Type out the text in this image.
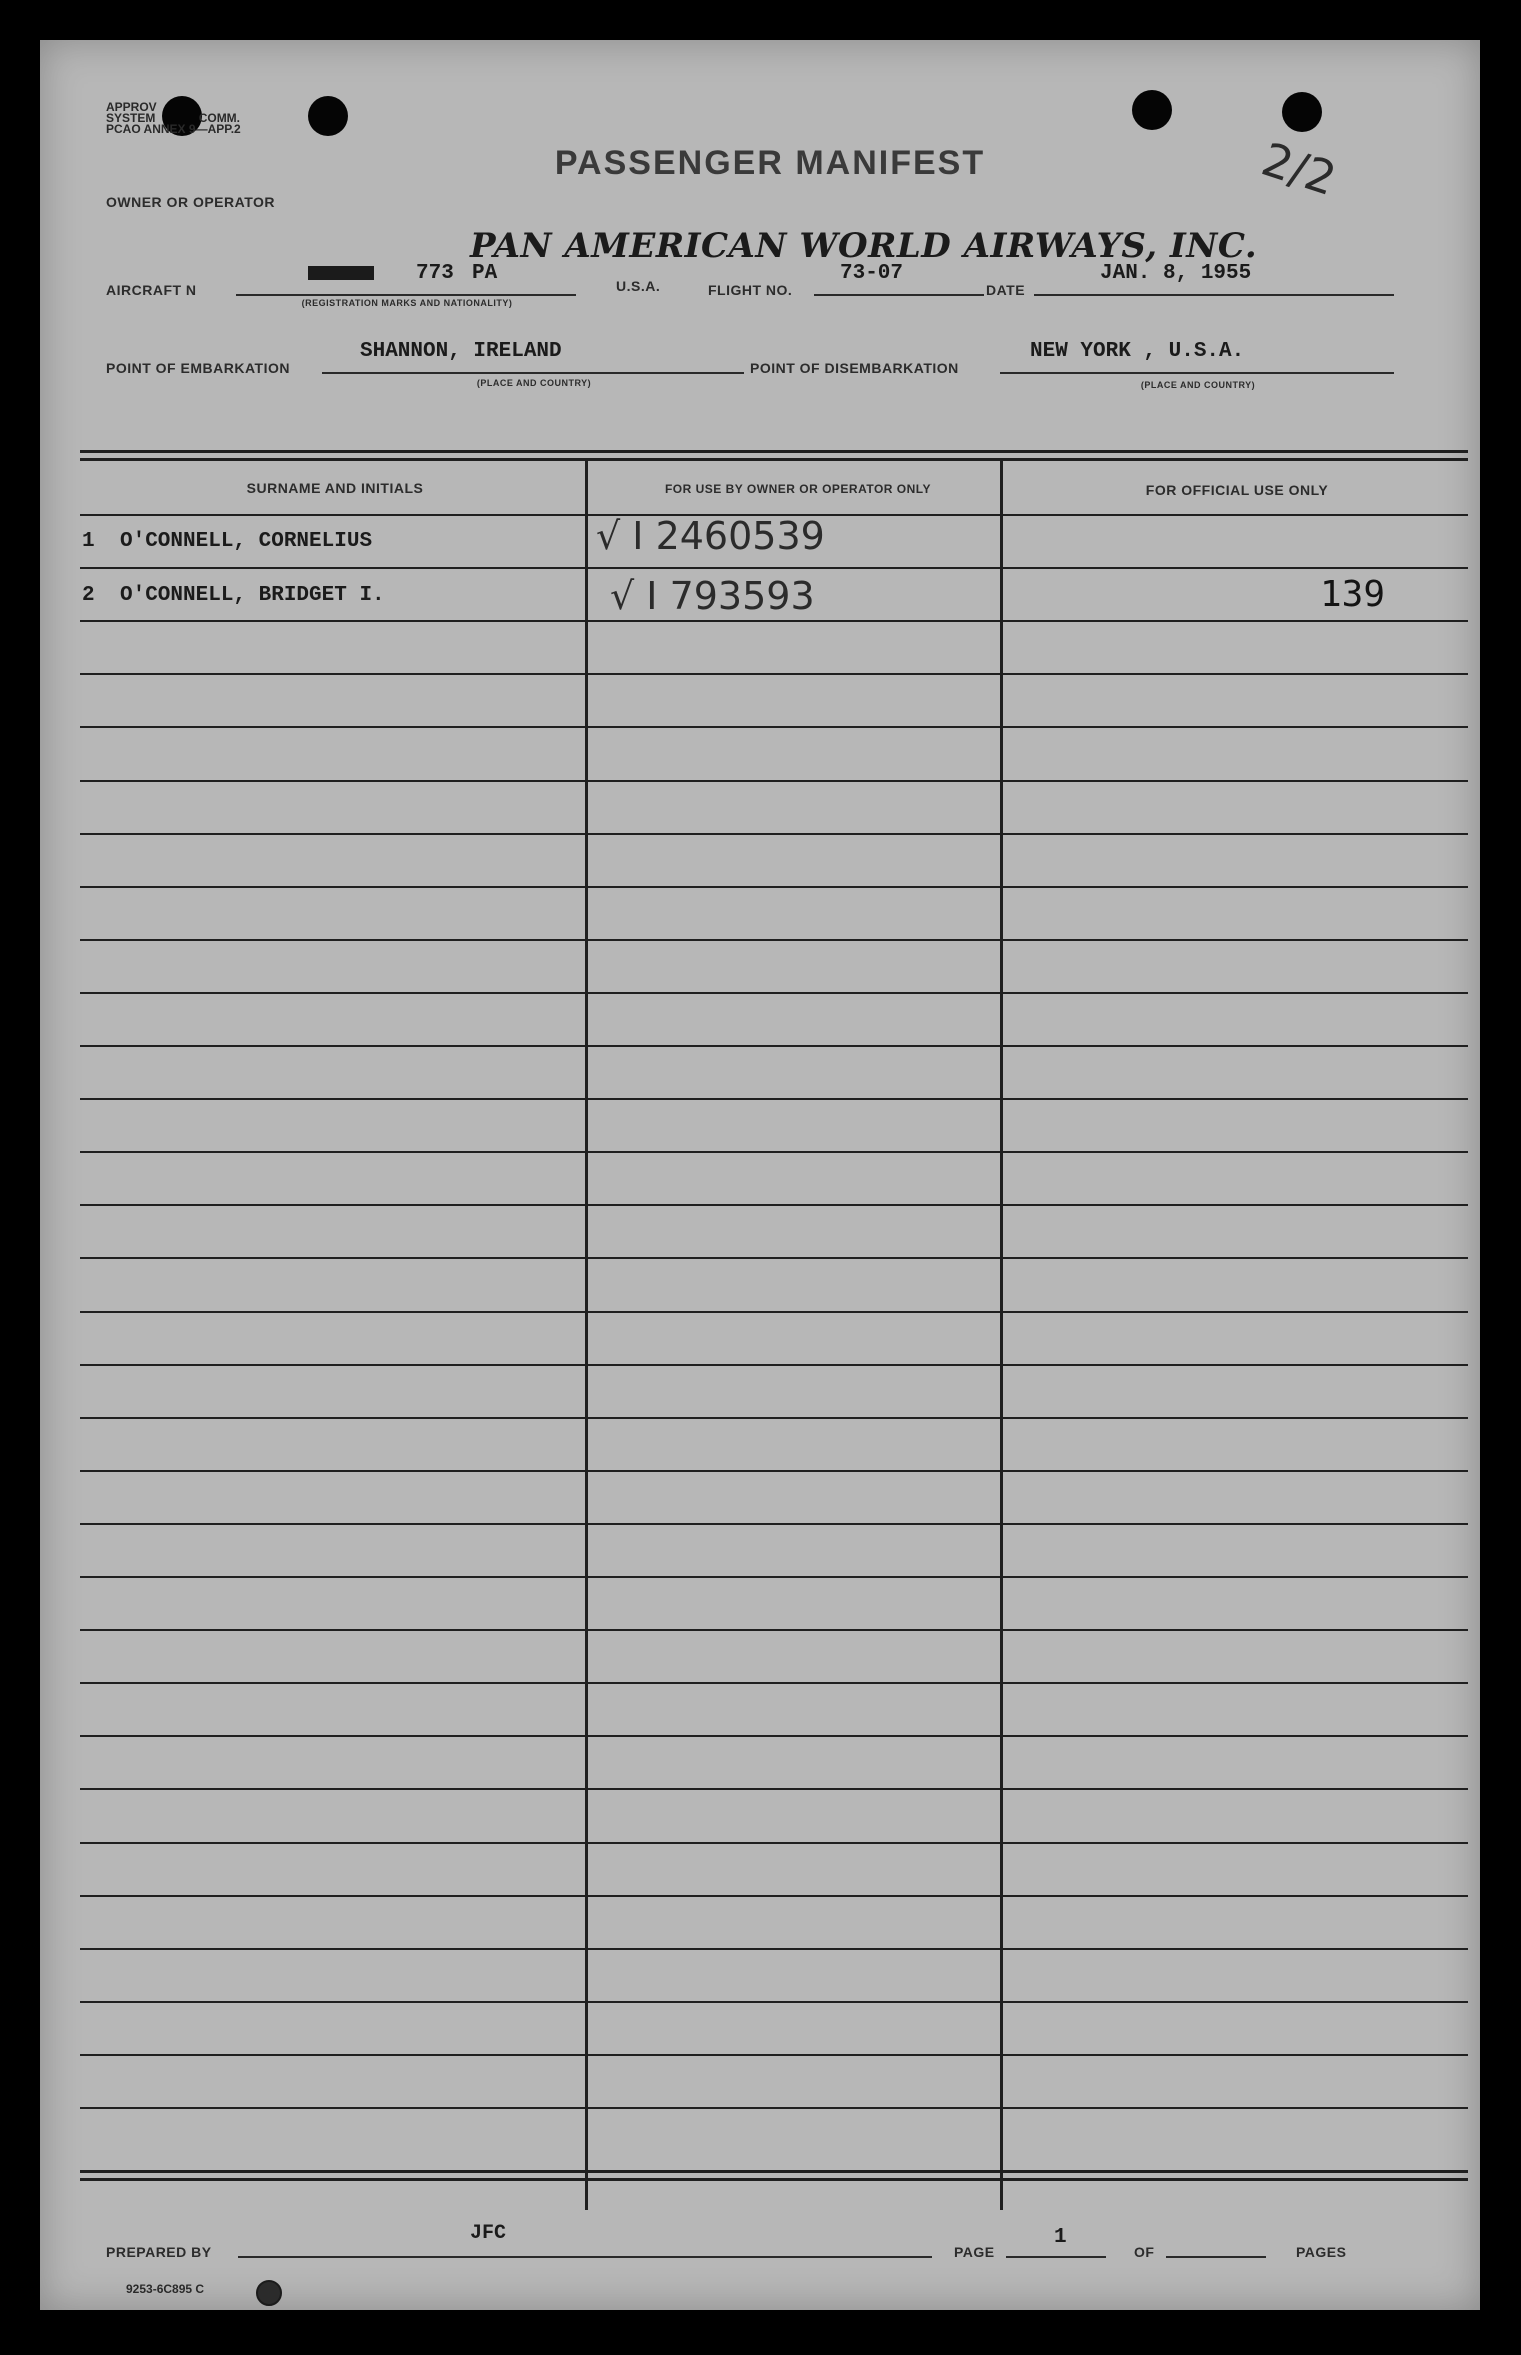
APPROV
SYSTEM	COMM.
PCAO ANNEX 9—APP.2
PASSENGER MANIFEST	2/2
OWNER OR OPERATOR
PAN AMERICAN WORLD AIRWAYS, INC.
AIRCRAFT N
773 PA
(REGISTRATION MARKS AND NATIONALITY)
U.S.A.	FLIGHT NO.
73-07
DATE
JAN. 8, 1955
POINT OF EMBARKATION
SHANNON, IRELAND
(PLACE AND COUNTRY)
POINT OF DISEMBARKATION
NEW YORK , U.S.A.
(PLACE AND COUNTRY)
SURNAME AND INITIALS	FOR USE BY OWNER OR OPERATOR ONLY	FOR OFFICIAL USE ONLY
1 O'CONNELL, CORNELIUS	√ I 2460539
2 O'CONNELL, BRIDGET I.	√ I 793593	139
PREPARED BY
JFC
PAGE
1
OF	PAGES
9253-6C895 C
